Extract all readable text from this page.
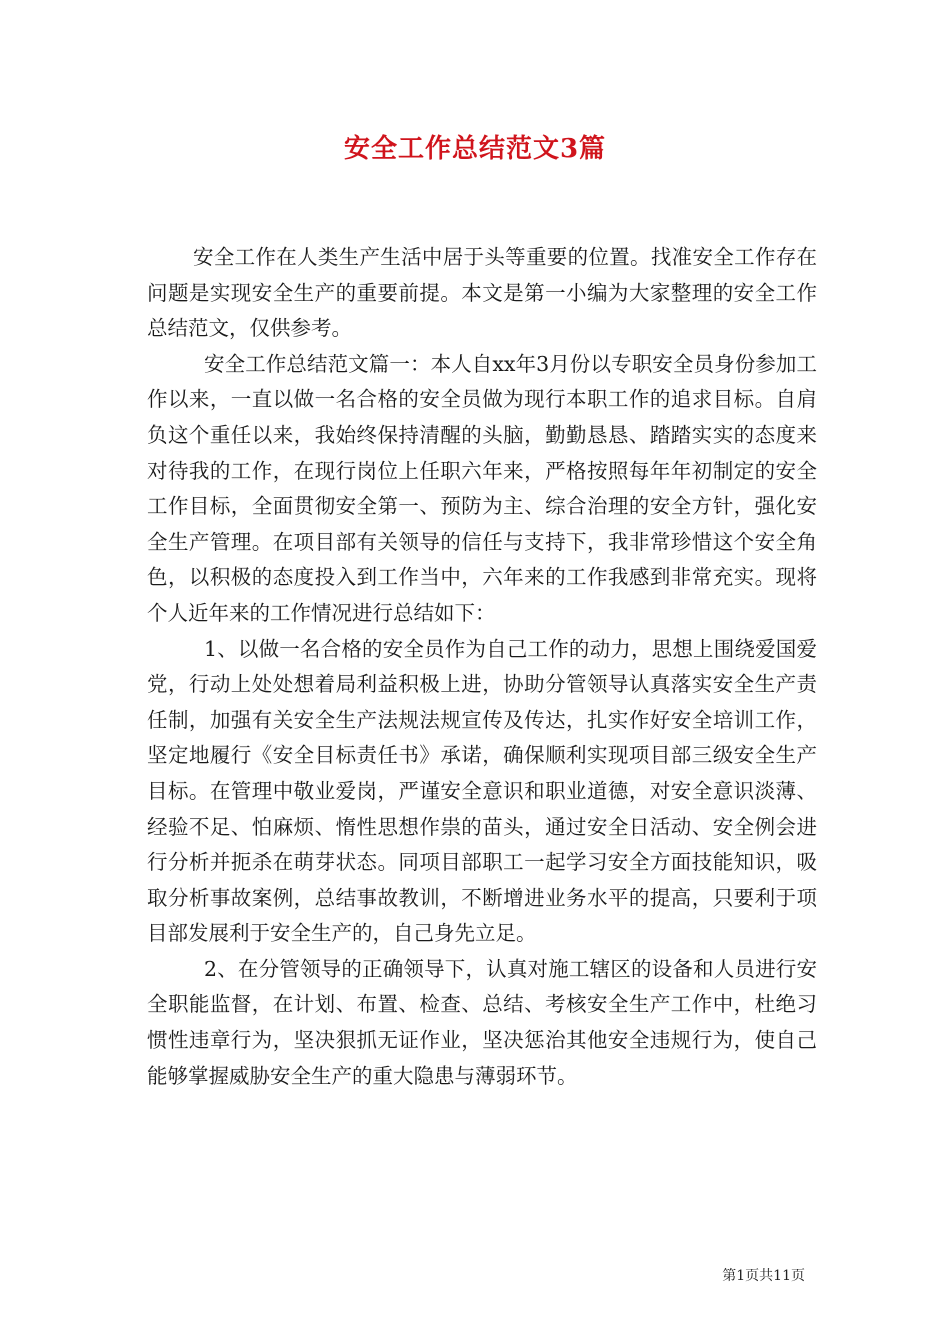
安全工作总结范文3篇

安全工作在人类生产生活中居于头等重要的位置。找准安全工作存在问题是实现安全生产的重要前提。本文是第一小编为大家整理的安全工作总结范文，仅供参考。

安全工作总结范文篇一：本人自xx年3月份以专职安全员身份参加工作以来，一直以做一名合格的安全员做为现行本职工作的追求目标。自肩负这个重任以来，我始终保持清醒的头脑，勤勤恳恳、踏踏实实的态度来对待我的工作，在现行岗位上任职六年来，严格按照每年年初制定的安全工作目标，全面贯彻安全第一、预防为主、综合治理的安全方针，强化安全生产管理。在项目部有关领导的信任与支持下，我非常珍惜这个安全角色，以积极的态度投入到工作当中，六年来的工作我感到非常充实。现将个人近年来的工作情况进行总结如下：

1、以做一名合格的安全员作为自己工作的动力，思想上围绕爱国爱党，行动上处处想着局利益积极上进，协助分管领导认真落实安全生产责任制，加强有关安全生产法规法规宣传及传达，扎实作好安全培训工作，坚定地履行《安全目标责任书》承诺，确保顺利实现项目部三级安全生产目标。在管理中敬业爱岗，严谨安全意识和职业道德，对安全意识淡薄、经验不足、怕麻烦、惰性思想作祟的苗头，通过安全日活动、安全例会进行分析并扼杀在萌芽状态。同项目部职工一起学习安全方面技能知识，吸取分析事故案例，总结事故教训，不断增进业务水平的提高，只要利于项目部发展利于安全生产的，自己身先立足。

2、在分管领导的正确领导下，认真对施工辖区的设备和人员进行安全职能监督，在计划、布置、检查、总结、考核安全生产工作中，杜绝习惯性违章行为，坚决狠抓无证作业，坚决惩治其他安全违规行为，使自己能够掌握威胁安全生产的重大隐患与薄弱环节。

第1页共11页
